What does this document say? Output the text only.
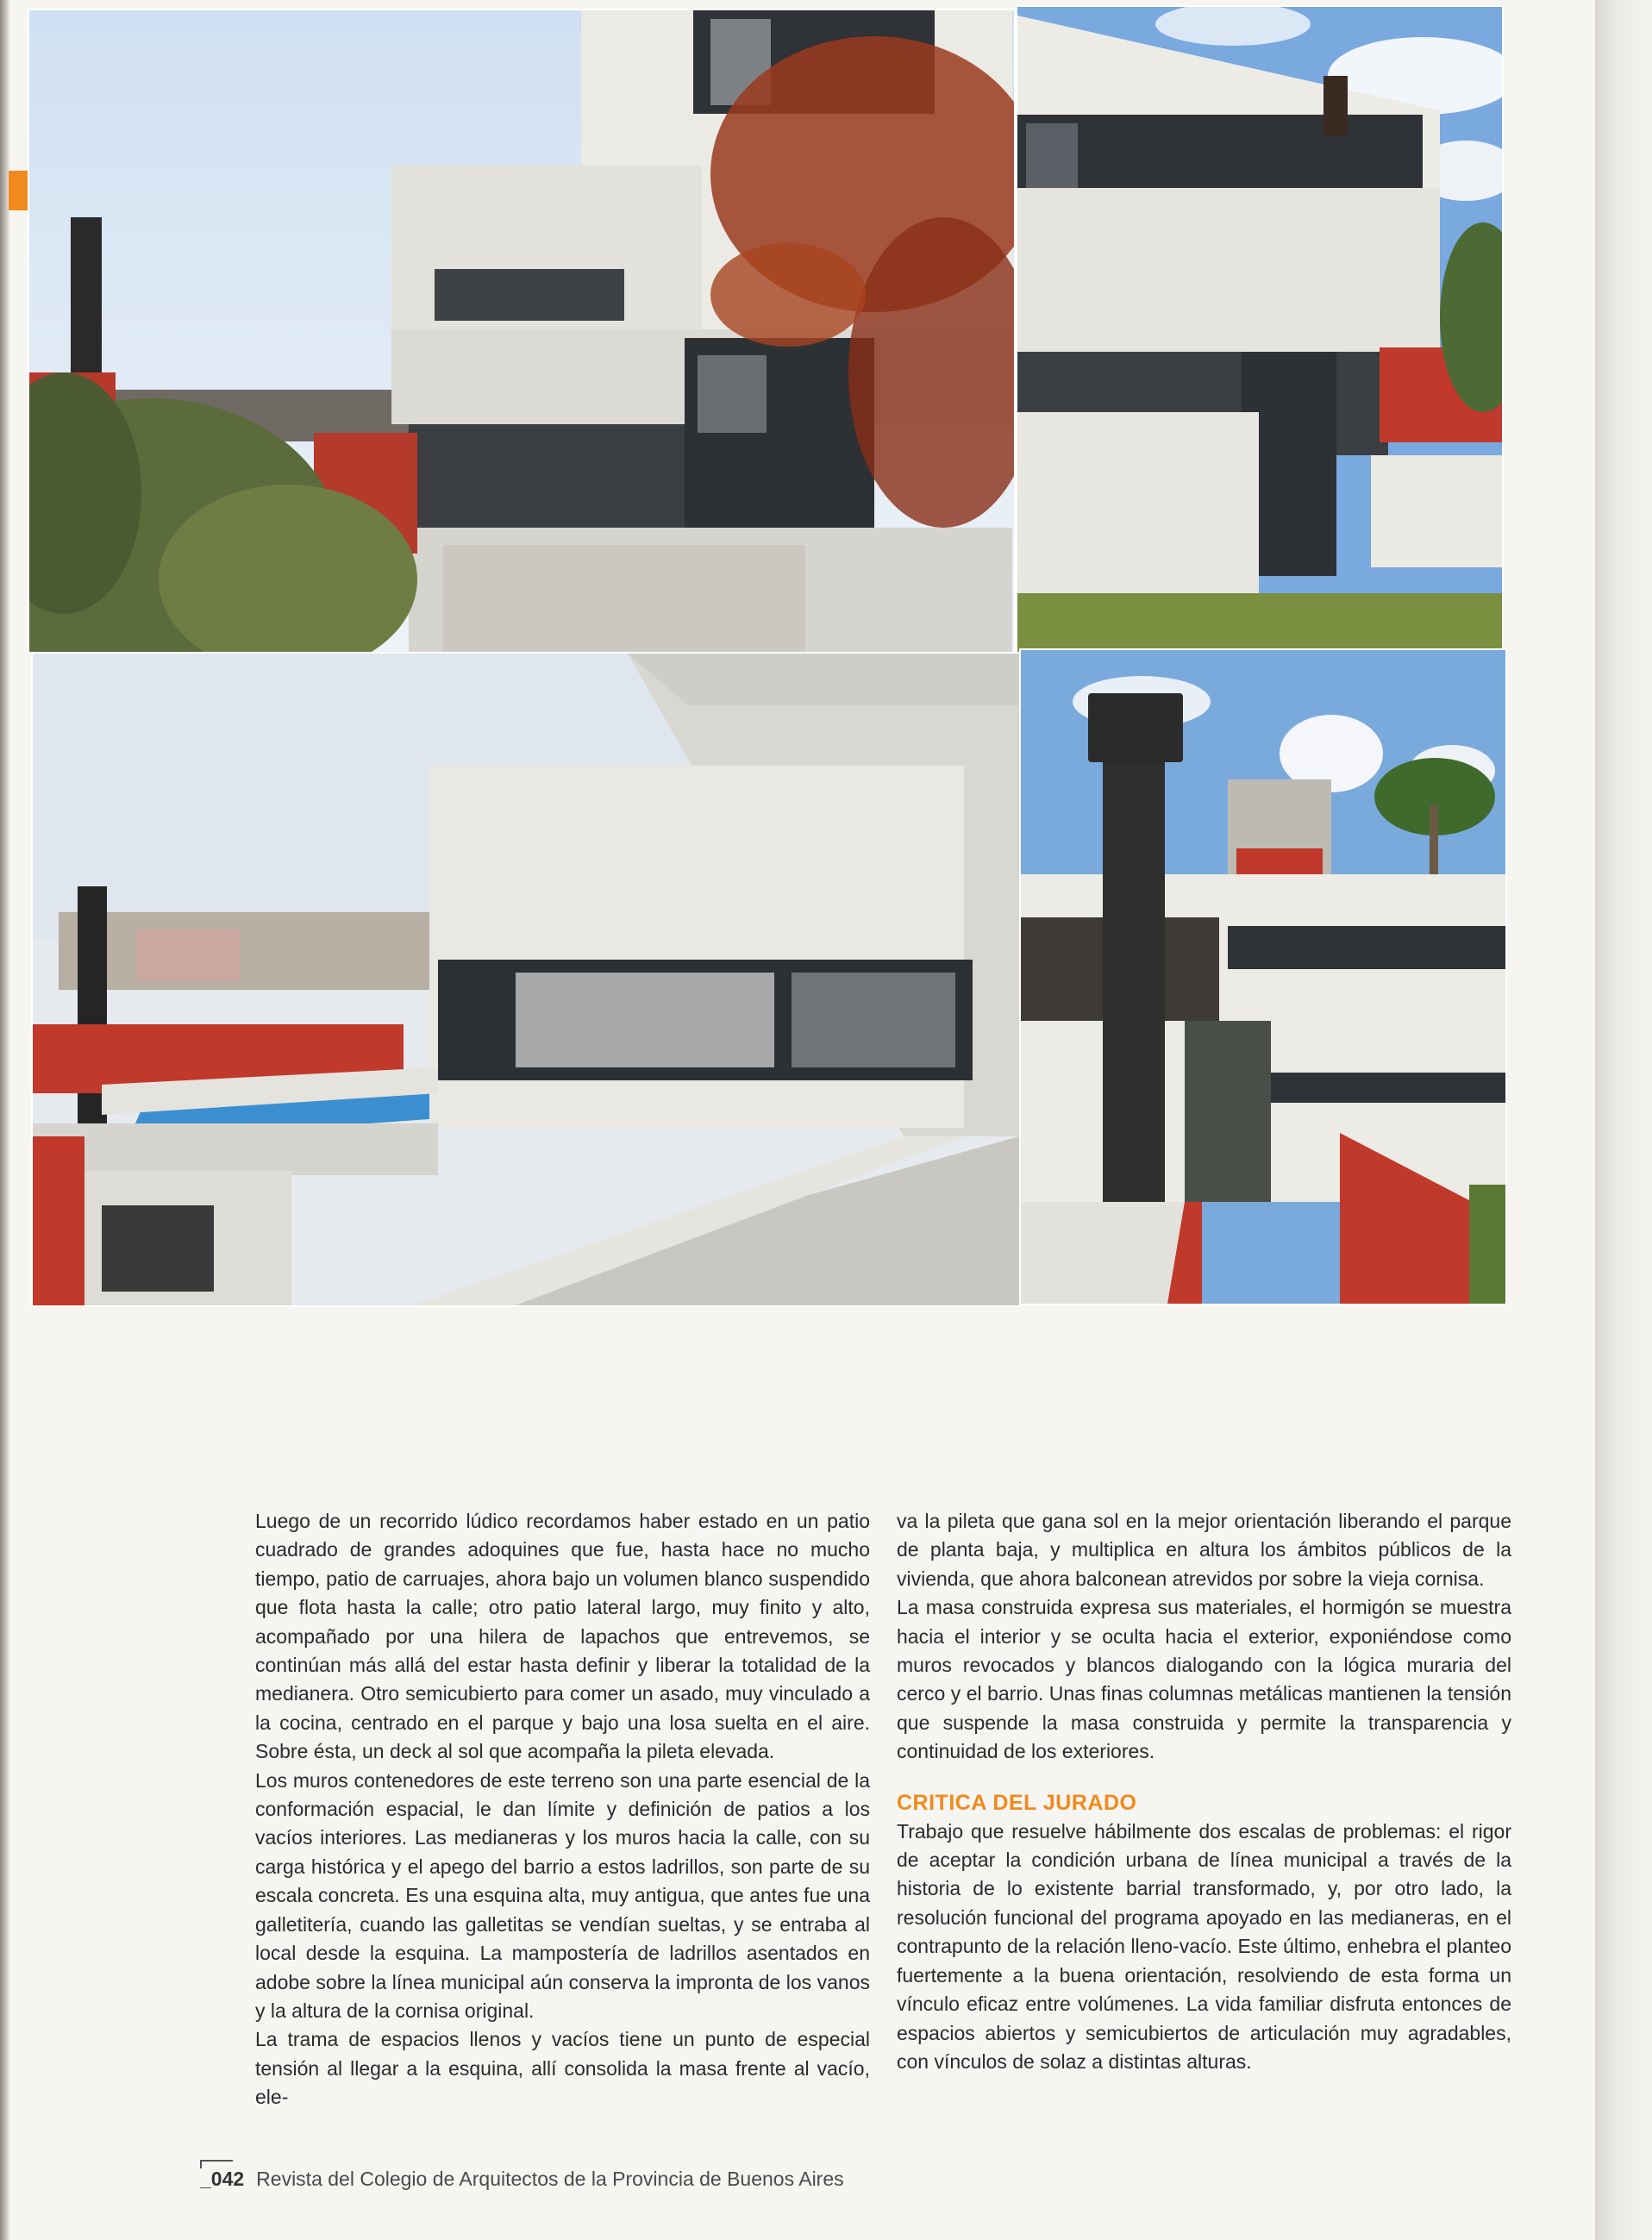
Luego de un recorrido lúdico recordamos haber estado en un patio cuadrado de grandes adoquines que fue, hasta hace no mucho tiempo, patio de carruajes, ahora bajo un volumen blanco suspendido que flota hasta la calle; otro patio lateral largo, muy finito y alto, acompañado por una hilera de lapachos que entrevemos, se continúan más allá del estar hasta definir y liberar la totalidad de la medianera. Otro semicubierto para comer un asado, muy vinculado a la cocina, centrado en el parque y bajo una losa suelta en el aire. Sobre ésta, un deck al sol que acompaña la pileta elevada.

Los muros contenedores de este terreno son una parte esencial de la conformación espacial, le dan límite y definición de patios a los vacíos interiores. Las medianeras y los muros hacia la calle, con su carga histórica y el apego del barrio a estos ladrillos, son parte de su escala concreta. Es una esquina alta, muy antigua, que antes fue una galletitería, cuando las galletitas se vendían sueltas, y se entraba al local desde la esquina. La mampostería de ladrillos asentados en adobe sobre la línea municipal aún conserva la impronta de los vanos y la altura de la cornisa original.

La trama de espacios llenos y vacíos tiene un punto de especial tensión al llegar a la esquina, allí consolida la masa frente al vacío, ele-

va la pileta que gana sol en la mejor orientación liberando el parque de planta baja, y multiplica en altura los ámbitos públicos de la vivienda, que ahora balconean atrevidos por sobre la vieja cornisa.

La masa construida expresa sus materiales, el hormigón se muestra hacia el interior y se oculta hacia el exterior, exponiéndose como muros revocados y blancos dialogando con la lógica muraria del cerco y el barrio. Unas finas columnas metálicas mantienen la tensión que suspende la masa construida y permite la transparencia y continuidad de los exteriores.

CRITICA DEL JURADO

Trabajo que resuelve hábilmente dos escalas de problemas: el rigor de aceptar la condición urbana de línea municipal a través de la historia de lo existente barrial transformado, y, por otro lado, la resolución funcional del programa apoyado en las medianeras, en el contrapunto de la relación lleno-vacío. Este último, enhebra el planteo fuertemente a la buena orientación, resolviendo de esta forma un vínculo eficaz entre volúmenes. La vida familiar disfruta entonces de espacios abiertos y semicubiertos de articulación muy agradables, con vínculos de solaz a distintas alturas.

_042 Revista del Colegio de Arquitectos de la Provincia de Buenos Aires
